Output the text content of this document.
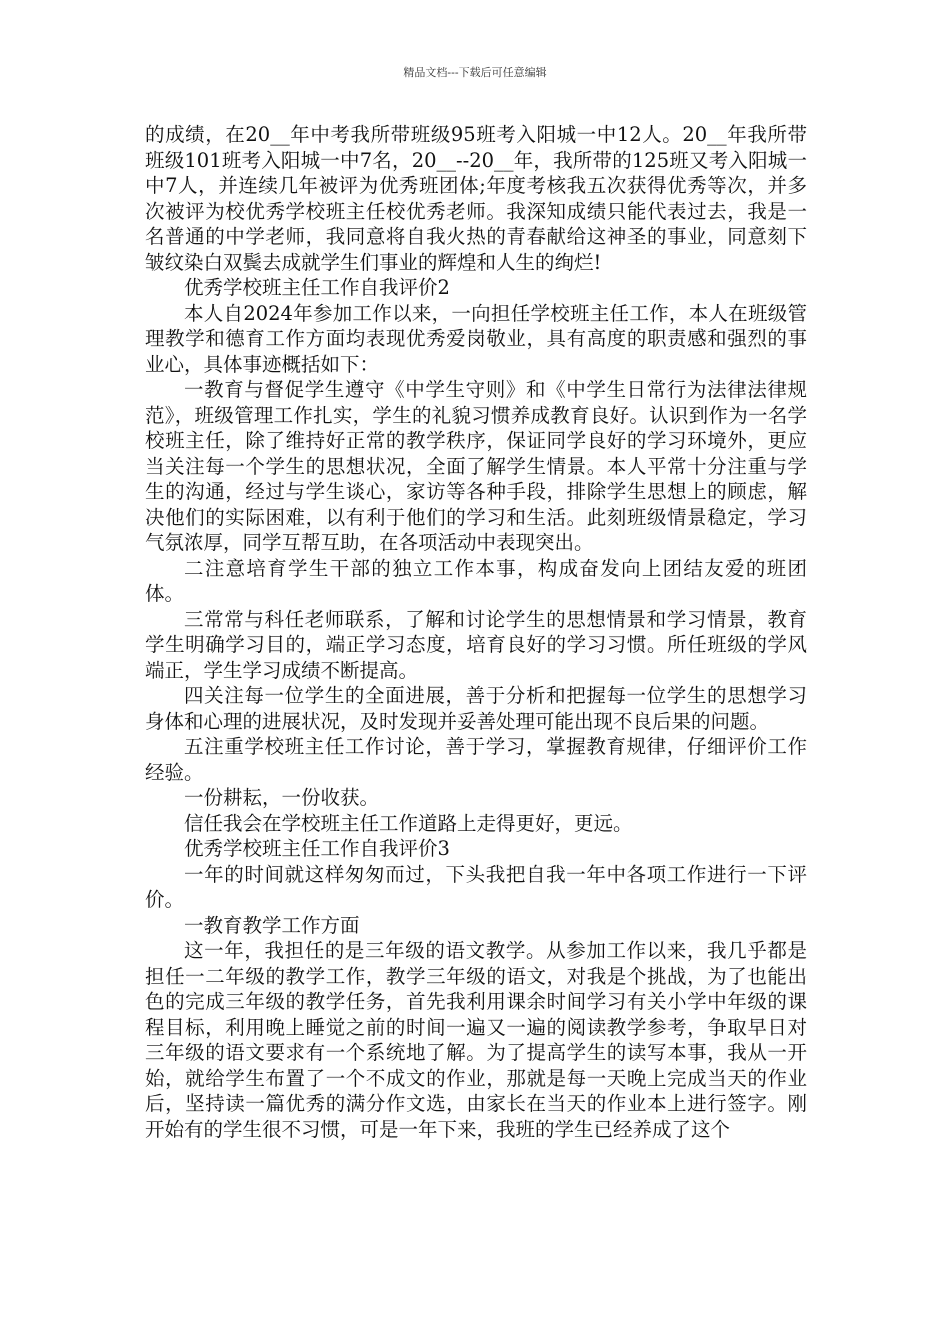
精品文档---下载后可任意编辑

的成绩，在20__年中考我所带班级95班考入阳城一中12人。20__年我所带班级101班考入阳城一中7名，20__--20__年，我所带的125班又考入阳城一中7人，并连续几年被评为优秀班团体;年度考核我五次获得优秀等次，并多次被评为校优秀学校班主任校优秀老师。我深知成绩只能代表过去，我是一名普通的中学老师，我同意将自我火热的青春献给这神圣的事业，同意刻下皱纹染白双鬓去成就学生们事业的辉煌和人生的绚烂!

优秀学校班主任工作自我评价2

本人自2024年参加工作以来，一向担任学校班主任工作，本人在班级管理教学和德育工作方面均表现优秀爱岗敬业，具有高度的职责感和强烈的事业心，具体事迹概括如下：

一教育与督促学生遵守《中学生守则》和《中学生日常行为法律法律规范》，班级管理工作扎实，学生的礼貌习惯养成教育良好。认识到作为一名学校班主任，除了维持好正常的教学秩序，保证同学良好的学习环境外，更应当关注每一个学生的思想状况，全面了解学生情景。本人平常十分注重与学生的沟通，经过与学生谈心，家访等各种手段，排除学生思想上的顾虑，解决他们的实际困难，以有利于他们的学习和生活。此刻班级情景稳定，学习气氛浓厚，同学互帮互助，在各项活动中表现突出。

二注意培育学生干部的独立工作本事，构成奋发向上团结友爱的班团体。

三常常与科任老师联系，了解和讨论学生的思想情景和学习情景，教育学生明确学习目的，端正学习态度，培育良好的学习习惯。所任班级的学风端正，学生学习成绩不断提高。

四关注每一位学生的全面进展，善于分析和把握每一位学生的思想学习身体和心理的进展状况，及时发现并妥善处理可能出现不良后果的问题。

五注重学校班主任工作讨论，善于学习，掌握教育规律，仔细评价工作经验。

一份耕耘，一份收获。

信任我会在学校班主任工作道路上走得更好，更远。

优秀学校班主任工作自我评价3

一年的时间就这样匆匆而过，下头我把自我一年中各项工作进行一下评价。

一教育教学工作方面

这一年，我担任的是三年级的语文教学。从参加工作以来，我几乎都是担任一二年级的教学工作，教学三年级的语文，对我是个挑战，为了也能出色的完成三年级的教学任务，首先我利用课余时间学习有关小学中年级的课程目标，利用晚上睡觉之前的时间一遍又一遍的阅读教学参考，争取早日对三年级的语文要求有一个系统地了解。为了提高学生的读写本事，我从一开始，就给学生布置了一个不成文的作业，那就是每一天晚上完成当天的作业后，坚持读一篇优秀的满分作文选，由家长在当天的作业本上进行签字。刚开始有的学生很不习惯，可是一年下来，我班的学生已经养成了这个
